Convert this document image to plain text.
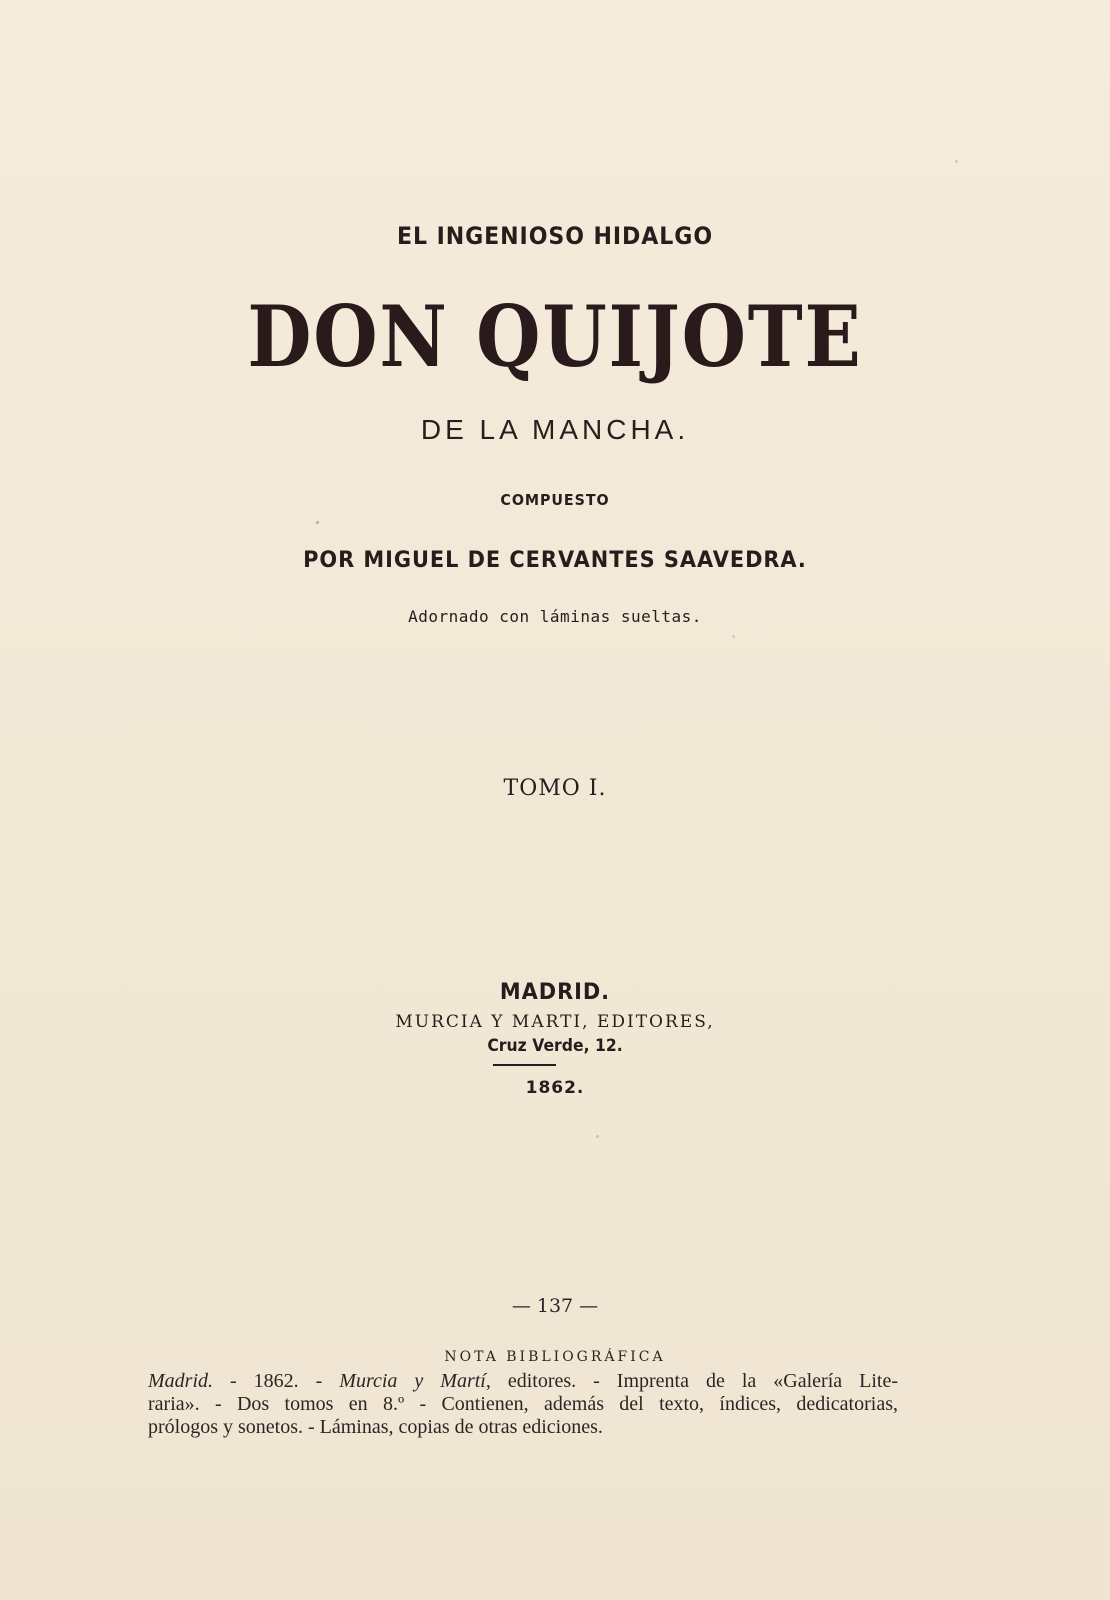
EL INGENIOSO HIDALGO
DON QUIJOTE
DE LA MANCHA.
COMPUESTO
POR MIGUEL DE CERVANTES SAAVEDRA.
Adornado con láminas sueltas.
TOMO I.
MADRID.
MURCIA Y MARTI, EDITORES,
Cruz Verde, 12.
1862.
— 137 —
NOTA BIBLIOGRÁFICA
Madrid. - 1862. - Murcia y Martí, editores. - Imprenta de la «Galería Lite-
raria». - Dos tomos en 8.º - Contienen, además del texto, índices, dedicatorias,
prólogos y sonetos. - Láminas, copias de otras ediciones.
